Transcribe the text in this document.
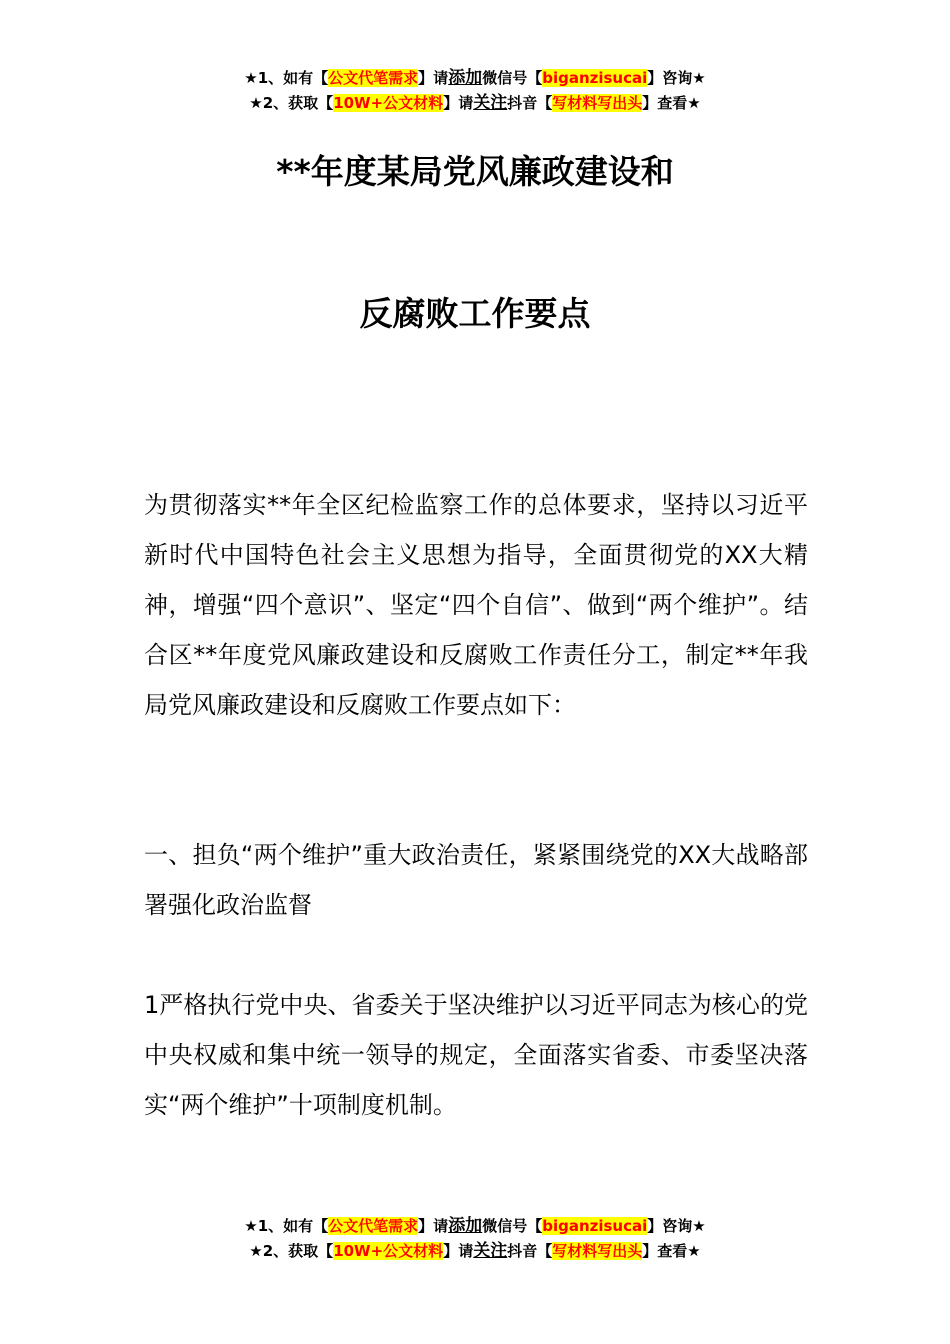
★1、如有【公文代笔需求】请添加微信号【biganzisucai】咨询★
★2、获取【10W+公文材料】请关注抖音【写材料写出头】查看★
**年度某局党风廉政建设和
反腐败工作要点
为贯彻落实**年全区纪检监察工作的总体要求，坚持以习近平新时代中国特色社会主义思想为指导，全面贯彻党的XX大精神，增强“四个意识”、坚定“四个自信”、做到“两个维护”。结合区**年度党风廉政建设和反腐败工作责任分工，制定**年我局党风廉政建设和反腐败工作要点如下：
一、担负“两个维护”重大政治责任，紧紧围绕党的XX大战略部署强化政治监督
1严格执行党中央、省委关于坚决维护以习近平同志为核心的党中央权威和集中统一领导的规定，全面落实省委、市委坚决落实“两个维护”十项制度机制。
★1、如有【公文代笔需求】请添加微信号【biganzisucai】咨询★
★2、获取【10W+公文材料】请关注抖音【写材料写出头】查看★
